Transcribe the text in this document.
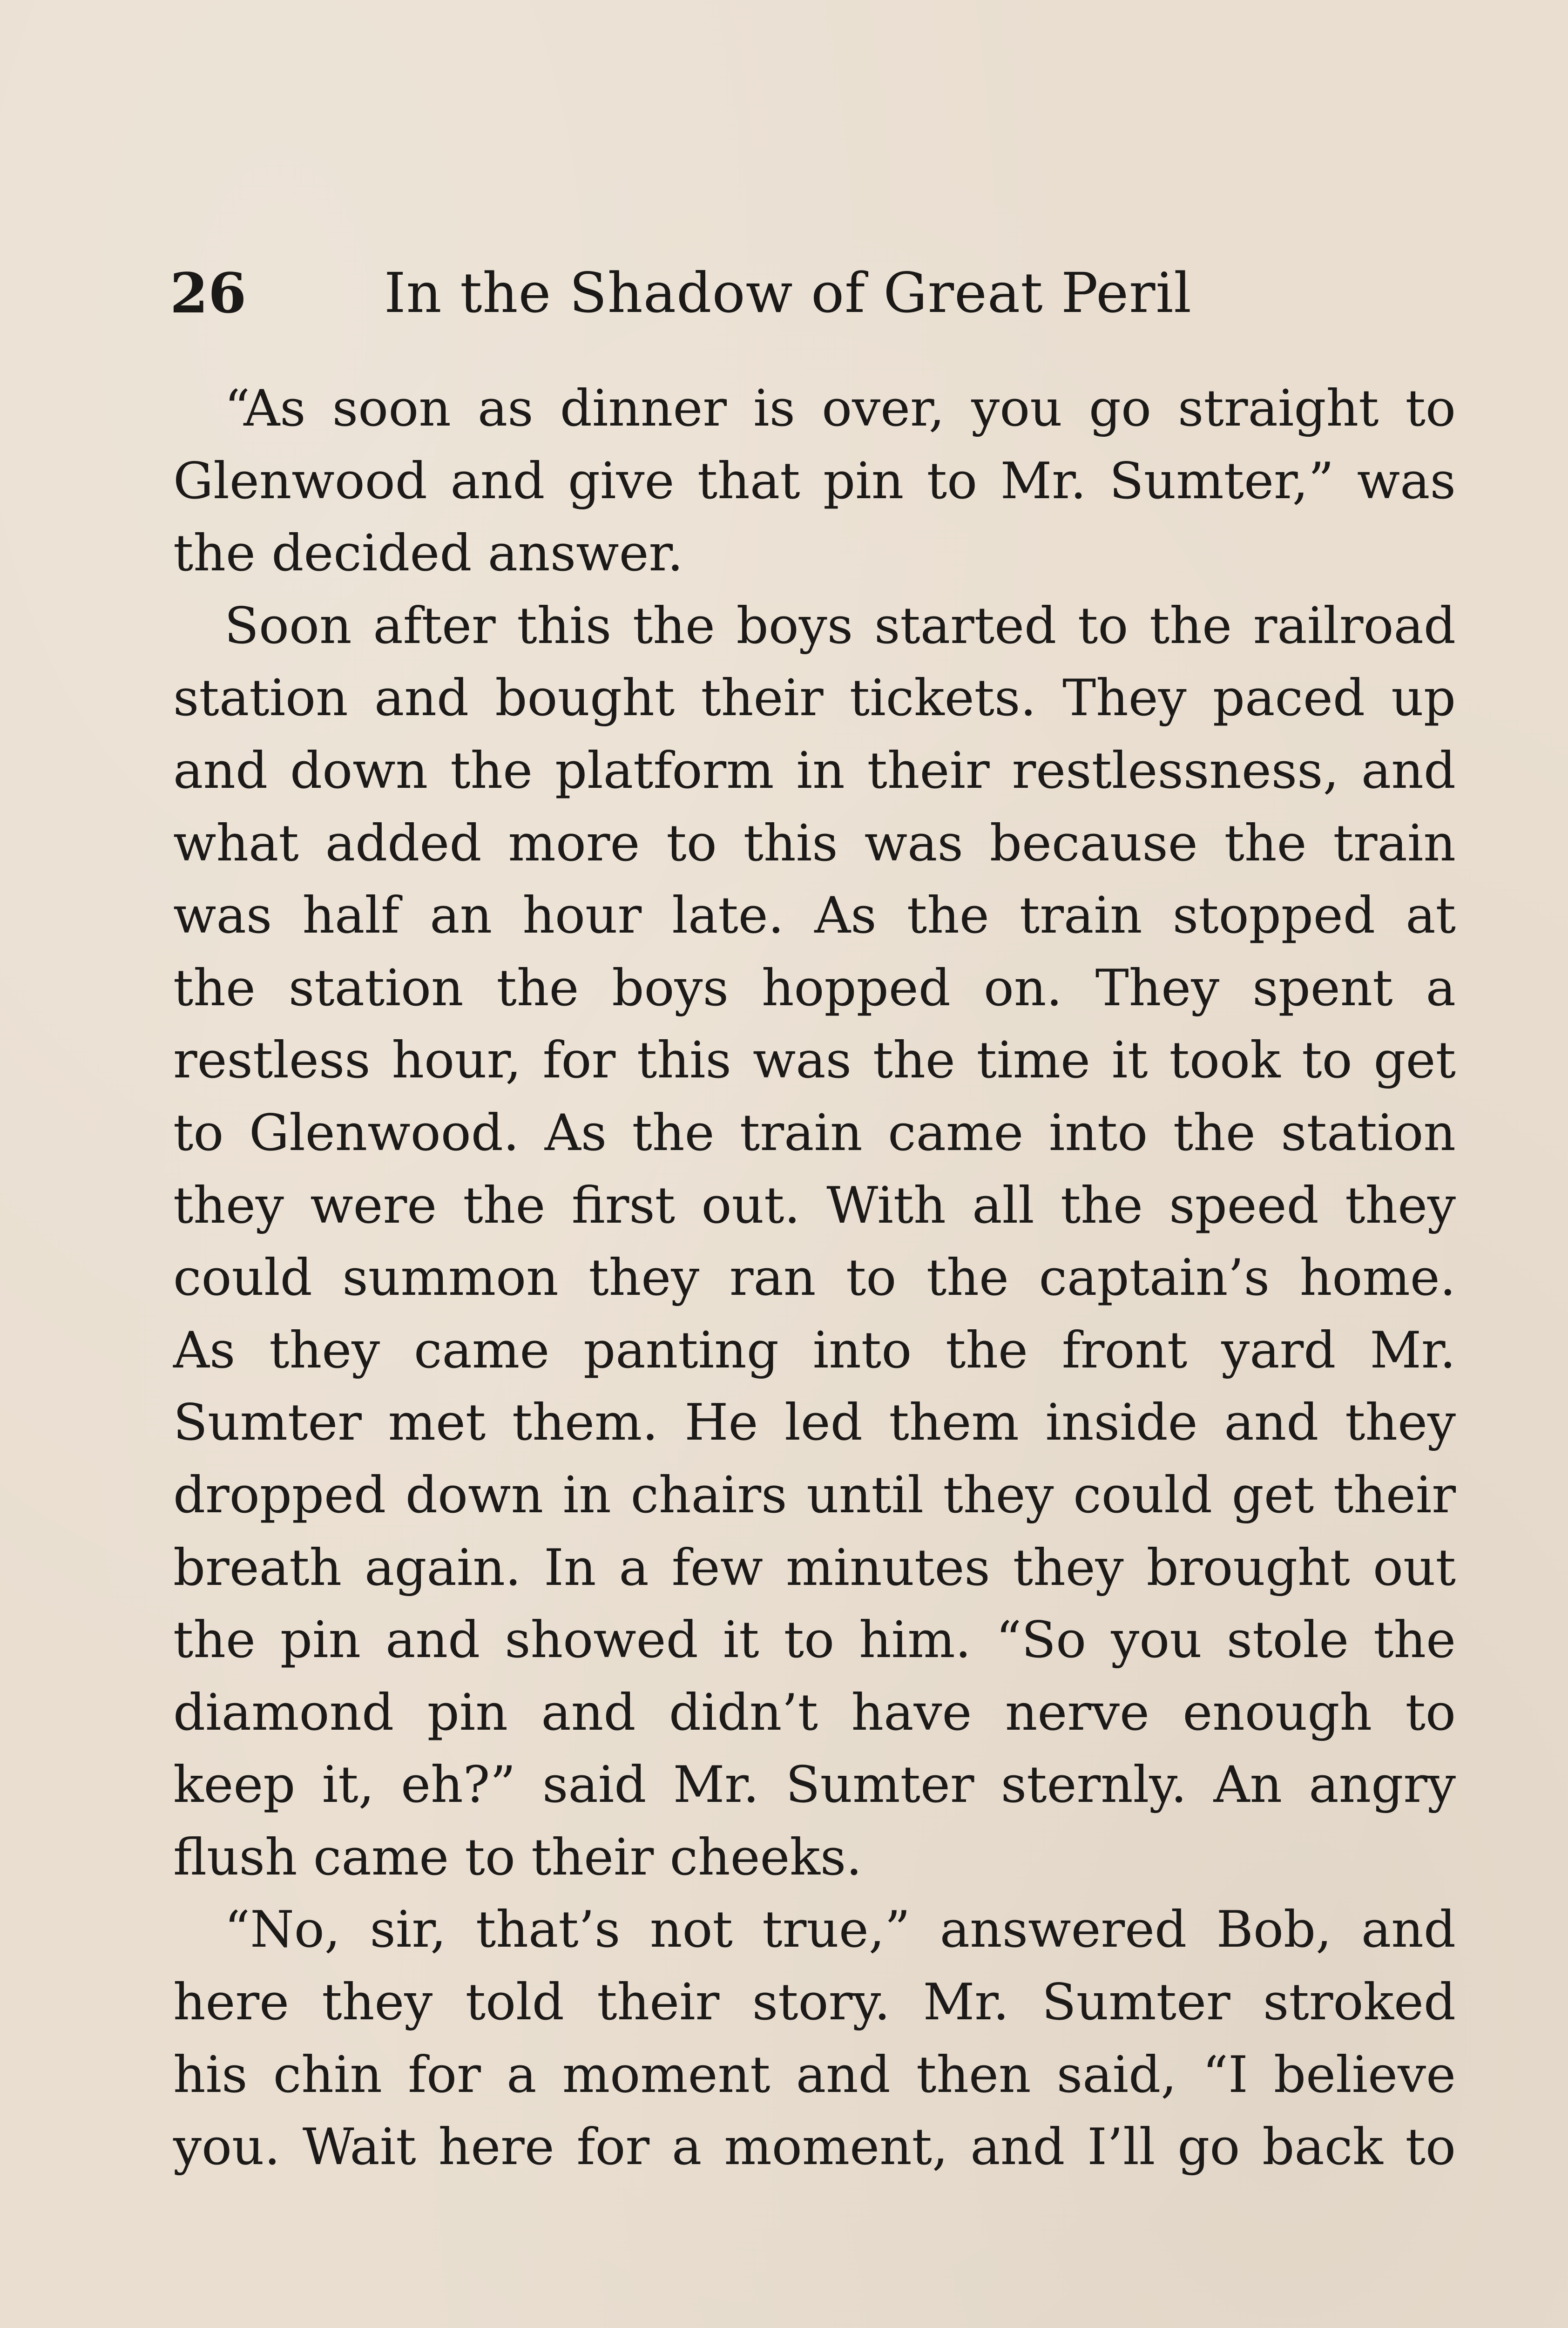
26	In the Shadow of Great Peril
“As soon as dinner is over, you go straight to
Glenwood and give that pin to Mr. Sumter,” was
the decided answer.
Soon after this the boys started to the railroad
station and bought their tickets. They paced up
and down the platform in their restlessness, and
what added more to this was because the train
was half an hour late. As the train stopped at
the station the boys hopped on. They spent a
restless hour, for this was the time it took to get
to Glenwood. As the train came into the station
they were the first out. With all the speed they
could summon they ran to the captain’s home.
As they came panting into the front yard Mr.
Sumter met them. He led them inside and they
dropped down in chairs until they could get their
breath again. In a few minutes they brought out
the pin and showed it to him. “So you stole the
diamond pin and didn’t have nerve enough to
keep it, eh?” said Mr. Sumter sternly. An angry
flush came to their cheeks.
“No, sir, that’s not true,” answered Bob, and
here they told their story. Mr. Sumter stroked
his chin for a moment and then said, “I believe
you. Wait here for a moment, and I’ll go back to
